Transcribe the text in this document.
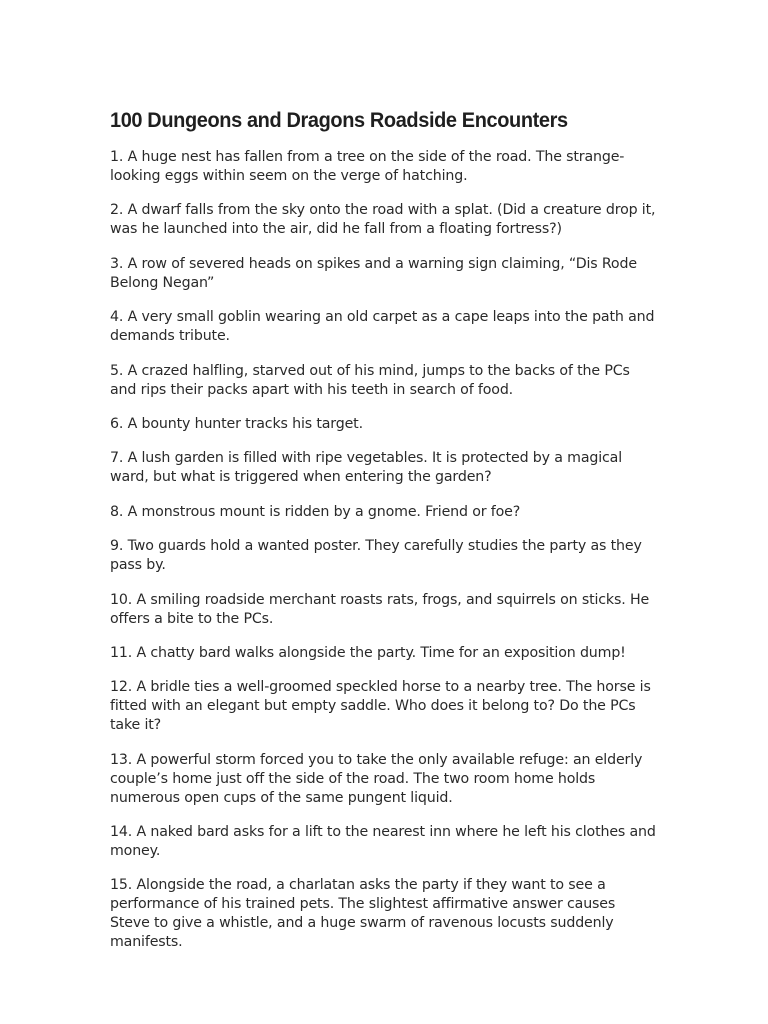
100 Dungeons and Dragons Roadside Encounters
1. A huge nest has fallen from a tree on the side of the road. The strange-looking eggs within seem on the verge of hatching.
2. A dwarf falls from the sky onto the road with a splat. (Did a creature drop it, was he launched into the air, did he fall from a floating fortress?)
3. A row of severed heads on spikes and a warning sign claiming, “Dis Rode Belong Negan”
4. A very small goblin wearing an old carpet as a cape leaps into the path and demands tribute.
5. A crazed halfling, starved out of his mind, jumps to the backs of the PCs and rips their packs apart with his teeth in search of food.
6. A bounty hunter tracks his target.
7. A lush garden is filled with ripe vegetables. It is protected by a magical ward, but what is triggered when entering the garden?
8. A monstrous mount is ridden by a gnome. Friend or foe?
9. Two guards hold a wanted poster. They carefully studies the party as they pass by.
10. A smiling roadside merchant roasts rats, frogs, and squirrels on sticks. He offers a bite to the PCs.
11. A chatty bard walks alongside the party. Time for an exposition dump!
12. A bridle ties a well-groomed speckled horse to a nearby tree. The horse is fitted with an elegant but empty saddle. Who does it belong to? Do the PCs take it?
13. A powerful storm forced you to take the only available refuge: an elderly couple’s home just off the side of the road. The two room home holds numerous open cups of the same pungent liquid.
14. A naked bard asks for a lift to the nearest inn where he left his clothes and money.
15. Alongside the road, a charlatan asks the party if they want to see a performance of his trained pets. The slightest affirmative answer causes Steve to give a whistle, and a huge swarm of ravenous locusts suddenly manifests.
